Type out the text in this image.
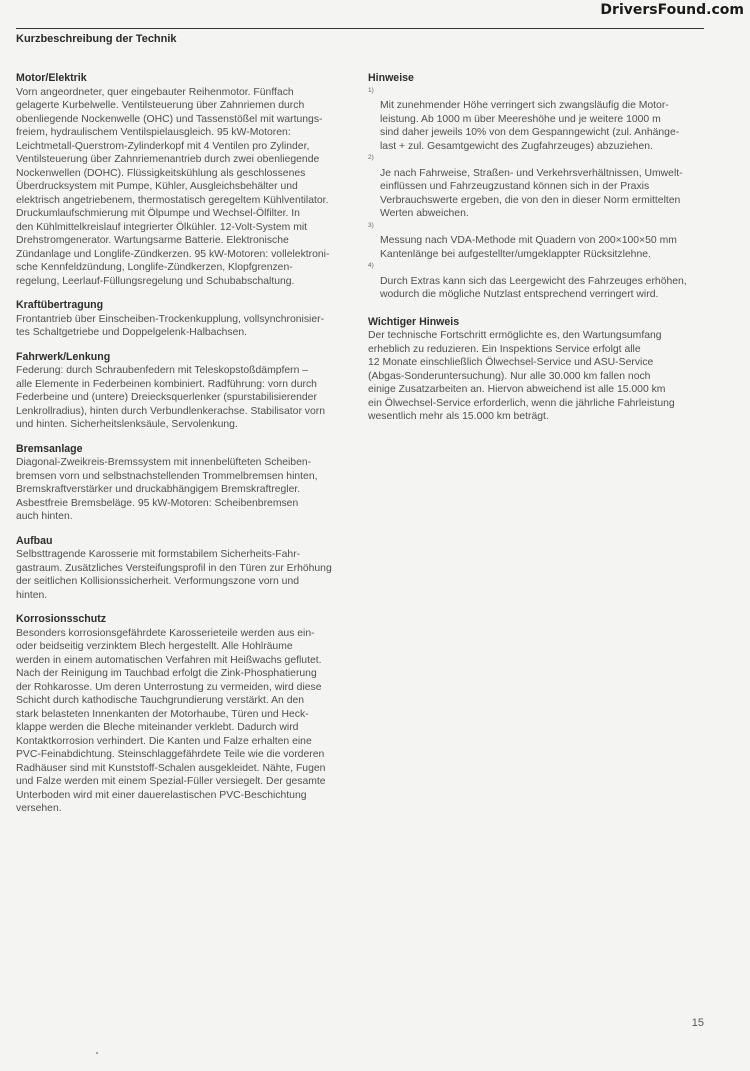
DriversFound.com
Kurzbeschreibung der Technik
Motor/Elektrik

Vorn angeordneter, quer eingebauter Reihenmotor. Fünffach
gelagerte Kurbelwelle. Ventilsteuerung über Zahnriemen durch
obenliegende Nockenwelle (OHC) und Tassenstößel mit wartungs-
freiem, hydraulischem Ventilspielausgleich. 95 kW-Motoren:
Leichtmetall-Querstrom-Zylinderkopf mit 4 Ventilen pro Zylinder,
Ventilsteuerung über Zahnriemenantrieb durch zwei obenliegende
Nockenwellen (DOHC). Flüssigkeitskühlung als geschlossenes
Überdrucksystem mit Pumpe, Kühler, Ausgleichsbehälter und
elektrisch angetriebenem, thermostatisch geregeltem Kühlventilator.
Druckumlaufschmierung mit Ölpumpe und Wechsel-Ölfilter. In
den Kühlmittelkreislauf integrierter Ölkühler. 12-Volt-System mit
Drehstromgenerator. Wartungsarme Batterie. Elektronische
Zündanlage und Longlife-Zündkerzen. 95 kW-Motoren: vollelektroni-
sche Kennfeldzündung, Longlife-Zündkerzen, Klopfgrenzen-
regelung, Leerlauf-Füllungsregelung und Schubabschaltung.

Kraftübertragung

Frontantrieb über Einscheiben-Trockenkupplung, vollsynchronisier-
tes Schaltgetriebe und Doppelgelenk-Halbachsen.

Fahrwerk/Lenkung

Federung: durch Schraubenfedern mit Teleskopstoßdämpfern –
alle Elemente in Federbeinen kombiniert. Radführung: vorn durch
Federbeine und (untere) Dreiecksquerlenker (spurstabilisierender
Lenkrollradius), hinten durch Verbundlenkerachse. Stabilisator vorn
und hinten. Sicherheitslenksäule, Servolenkung.

Bremsanlage

Diagonal-Zweikreis-Bremssystem mit innenbelüfteten Scheiben-
bremsen vorn und selbstnachstellenden Trommelbremsen hinten,
Bremskraftverstärker und druckabhängigem Bremskraftregler.
Asbestfreie Bremsbeläge. 95 kW-Motoren: Scheibenbremsen
auch hinten.

Aufbau

Selbsttragende Karosserie mit formstabilem Sicherheits-Fahr-
gastraum. Zusätzliches Versteifungsprofil in den Türen zur Erhöhung
der seitlichen Kollisionssicherheit. Verformungszone vorn und
hinten.

Korrosionsschutz

Besonders korrosionsgefährdete Karosserieteile werden aus ein-
oder beidseitig verzinktem Blech hergestellt. Alle Hohlräume
werden in einem automatischen Verfahren mit Heißwachs geflutet.
Nach der Reinigung im Tauchbad erfolgt die Zink-Phosphatierung
der Rohkarosse. Um deren Unterrostung zu vermeiden, wird diese
Schicht durch kathodische Tauchgrundierung verstärkt. An den
stark belasteten Innenkanten der Motorhaube, Türen und Heck-
klappe werden die Bleche miteinander verklebt. Dadurch wird
Kontaktkorrosion verhindert. Die Kanten und Falze erhalten eine
PVC-Feinabdichtung. Steinschlaggefährdete Teile wie die vorderen
Radhäuser sind mit Kunststoff-Schalen ausgekleidet. Nähte, Fugen
und Falze werden mit einem Spezial-Füller versiegelt. Der gesamte
Unterboden wird mit einer dauerelastischen PVC-Beschichtung
versehen.

Hinweise

1)
Mit zunehmender Höhe verringert sich zwangsläufig die Motor-
leistung. Ab 1000 m über Meereshöhe und je weitere 1000 m
sind daher jeweils 10% von dem Gespanngewicht (zul. Anhänge-
last + zul. Gesamtgewicht des Zugfahrzeuges) abzuziehen.

2)
Je nach Fahrweise, Straßen- und Verkehrsverhältnissen, Umwelt-
einflüssen und Fahrzeugzustand können sich in der Praxis
Verbrauchswerte ergeben, die von den in dieser Norm ermittelten
Werten abweichen.

3)
Messung nach VDA-Methode mit Quadern von 200×100×50 mm
Kantenlänge bei aufgestellter/umgeklappter Rücksitzlehne.

4)
Durch Extras kann sich das Leergewicht des Fahrzeuges erhöhen,
wodurch die mögliche Nutzlast entsprechend verringert wird.

Wichtiger Hinweis

Der technische Fortschritt ermöglichte es, den Wartungsumfang
erheblich zu reduzieren. Ein Inspektions Service erfolgt alle
12 Monate einschließlich Ölwechsel-Service und ASU-Service
(Abgas-Sonderuntersuchung). Nur alle 30.000 km fallen noch
einige Zusatzarbeiten an. Hiervon abweichend ist alle 15.000 km
ein Ölwechsel-Service erforderlich, wenn die jährliche Fahrleistung
wesentlich mehr als 15.000 km beträgt.

15
